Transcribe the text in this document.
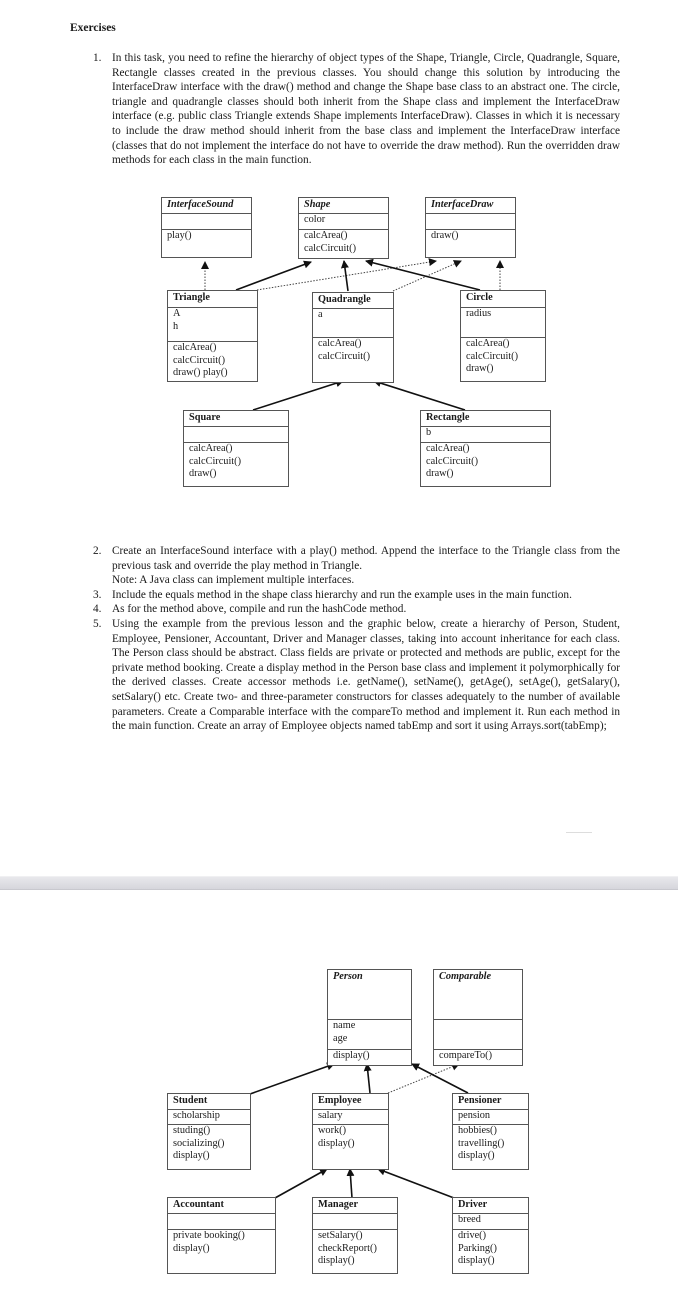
Exercises
1. In this task, you need to refine the hierarchy of object types of the Shape, Triangle, Circle, Quadrangle, Square, Rectangle classes created in the previous classes. You should change this solution by introducing the InterfaceDraw interface with the draw() method and change the Shape base class to an abstract one. The circle, triangle and quadrangle classes should both inherit from the Shape class and implement the InterfaceDraw interface (e.g. public class Triangle extends Shape implements InterfaceDraw). Classes in which it is necessary to include the draw method should inherit from the base class and implement the InterfaceDraw interface (classes that do not implement the interface do not have to override the draw method). Run the overridden draw methods for each class in the main function.
2. Create an InterfaceSound interface with a play() method. Append the interface to the Triangle class from the previous task and override the play method in Triangle.
Note: A Java class can implement multiple interfaces.
3. Include the equals method in the shape class hierarchy and run the example uses in the main function.
4. As for the method above, compile and run the hashCode method.
5. Using the example from the previous lesson and the graphic below, create a hierarchy of Person, Student, Employee, Pensioner, Accountant, Driver and Manager classes, taking into account inheritance for each class. The Person class should be abstract. Class fields are private or protected and methods are public, except for the private method booking. Create a display method in the Person base class and implement it polymorphically for the derived classes. Create accessor methods i.e. getName(), setName(), getAge(), setAge(), getSalary(), setSalary() etc. Create two- and three-parameter constructors for classes adequately to the number of available parameters. Create a Comparable interface with the compareTo method and implement it. Run each method in the main function. Create an array of Employee objects named tabEmp and sort it using Arrays.sort(tabEmp);
InterfaceSound
play()
Shape
color
calcArea()
calcCircuit()
InterfaceDraw
draw()
Triangle
A
h
calcArea()
calcCircuit()
draw() play()
Quadrangle
a
calcArea()
calcCircuit()
Circle
radius
calcArea()
calcCircuit()
draw()
Square
calcArea()
calcCircuit()
draw()
Rectangle
b
calcArea()
calcCircuit()
draw()
Person
name
age
display()
Comparable
compareTo()
Student
scholarship
studing()
socializing()
display()
Employee
salary
work()
display()
Pensioner
pension
hobbies()
travelling()
display()
Accountant
private booking()
display()
Manager
setSalary()
checkReport()
display()
Driver
breed
drive()
Parking()
display()
